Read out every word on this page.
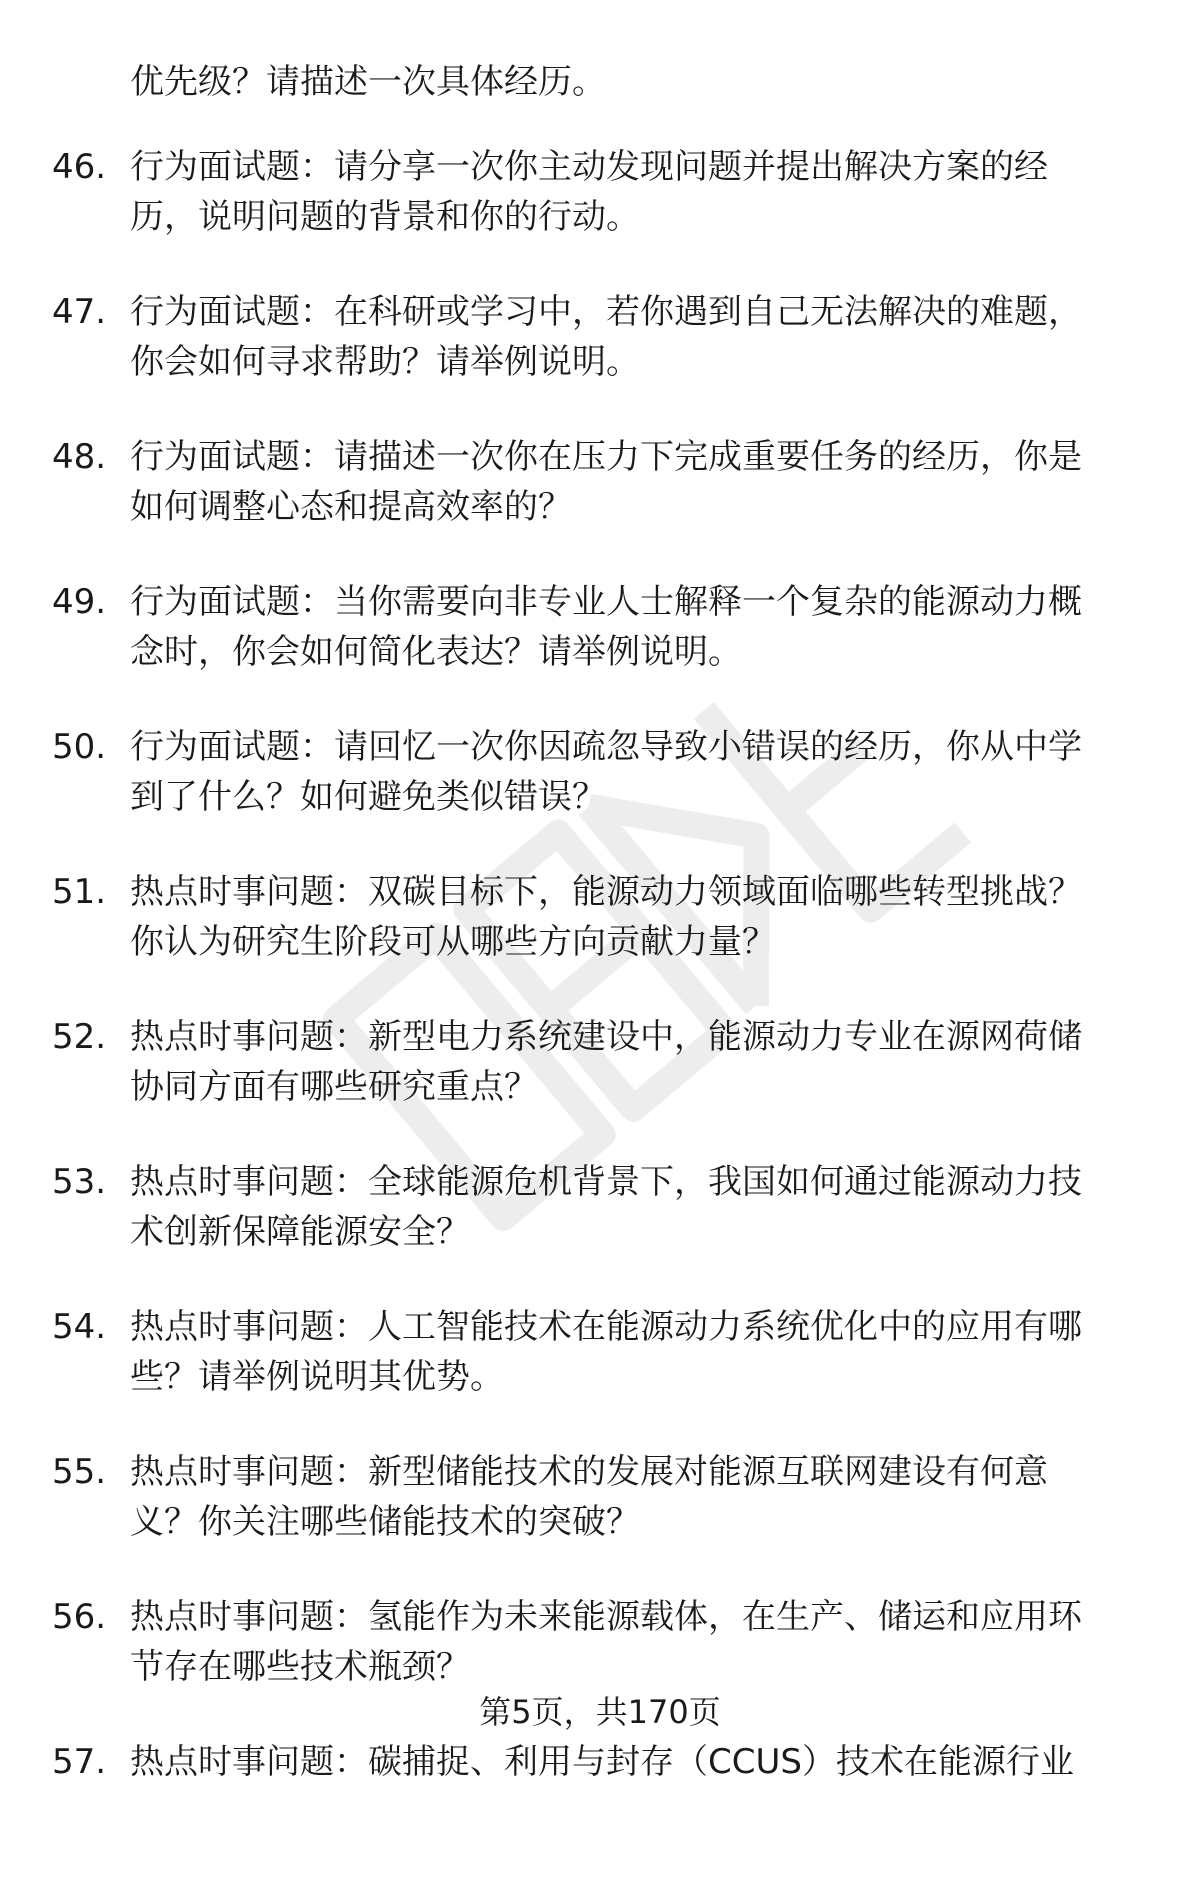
优先级？请描述一次具体经历。
46. 行为面试题：请分享一次你主动发现问题并提出解决方案的经
历，说明问题的背景和你的行动。
47. 行为面试题：在科研或学习中，若你遇到自己无法解决的难题，
你会如何寻求帮助？请举例说明。
48. 行为面试题：请描述一次你在压力下完成重要任务的经历，你是
如何调整心态和提高效率的？
49. 行为面试题：当你需要向非专业人士解释一个复杂的能源动力概
念时，你会如何简化表达？请举例说明。
50. 行为面试题：请回忆一次你因疏忽导致小错误的经历，你从中学
到了什么？如何避免类似错误？
51. 热点时事问题：双碳目标下，能源动力领域面临哪些转型挑战？
你认为研究生阶段可从哪些方向贡献力量？
52. 热点时事问题：新型电力系统建设中，能源动力专业在源网荷储
协同方面有哪些研究重点？
53. 热点时事问题：全球能源危机背景下，我国如何通过能源动力技
术创新保障能源安全？
54. 热点时事问题：人工智能技术在能源动力系统优化中的应用有哪
些？请举例说明其优势。
55. 热点时事问题：新型储能技术的发展对能源互联网建设有何意
义？你关注哪些储能技术的突破？
56. 热点时事问题：氢能作为未来能源载体，在生产、储运和应用环
节存在哪些技术瓶颈？
57. 热点时事问题：碳捕捉、利用与封存（CCUS）技术在能源行业
第5页，共170页
